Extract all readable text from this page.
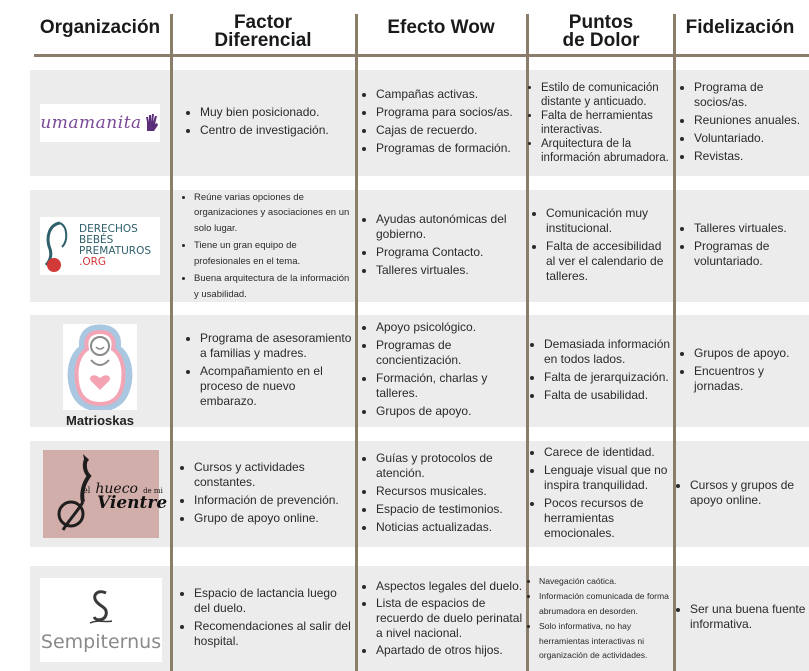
Organización	Factor
Diferencial
Efecto Wow	Puntos
de Dolor
Fidelización
umamanita
• Muy bien posicionado.
• Centro de investigación.
• Campañas activas.
• Programa para socios/as.
• Cajas de recuerdo.
• Programas de formación.
• Estilo de comunicación distante y anticuado.
• Falta de herramientas interactivas.
• Arquitectura de la información abrumadora.
• Programa de socios/as.
• Reuniones anuales.
• Voluntariado.
• Revistas.
DERECHOS
BEBÉS
PREMATUROS
.ORG
• Reúne varias opciones de organizaciones y asociaciones en un solo lugar.
• Tiene un gran equipo de profesionales en el tema.
• Buena arquitectura de la información y usabilidad.
• Ayudas autonómicas del gobierno.
• Programa Contacto.
• Talleres virtuales.
• Comunicación muy institucional.
• Falta de accesibilidad al ver el calendario de talleres.
• Talleres virtuales.
• Programas de voluntariado.
Matrioskas
• Programa de asesoramiento a familias y madres.
• Acompañamiento en el proceso de nuevo embarazo.
• Apoyo psicológico.
• Programas de concientización.
• Formación, charlas y talleres.
• Grupos de apoyo.
• Demasiada información en todos lados.
• Falta de jerarquización.
• Falta de usabilidad.
• Grupos de apoyo.
• Encuentros y jornadas.
el hueco de mi
Vientre
• Cursos y actividades constantes.
• Información de prevención.
• Grupo de apoyo online.
• Guías y protocolos de atención.
• Recursos musicales.
• Espacio de testimonios.
• Noticias actualizadas.
• Carece de identidad.
• Lenguaje visual que no inspira tranquilidad.
• Pocos recursos de herramientas emocionales.
• Cursos y grupos de apoyo online.
Sempiternus
• Espacio de lactancia luego del duelo.
• Recomendaciones al salir del hospital.
• Aspectos legales del duelo.
• Lista de espacios de recuerdo de duelo perinatal a nivel nacional.
• Apartado de otros hijos.
• Navegación caótica.
• Información comunicada de forma abrumadora en desorden.
• Solo informativa, no hay herramientas interactivas ni organización de actividades.
• Ser una buena fuente informativa.
